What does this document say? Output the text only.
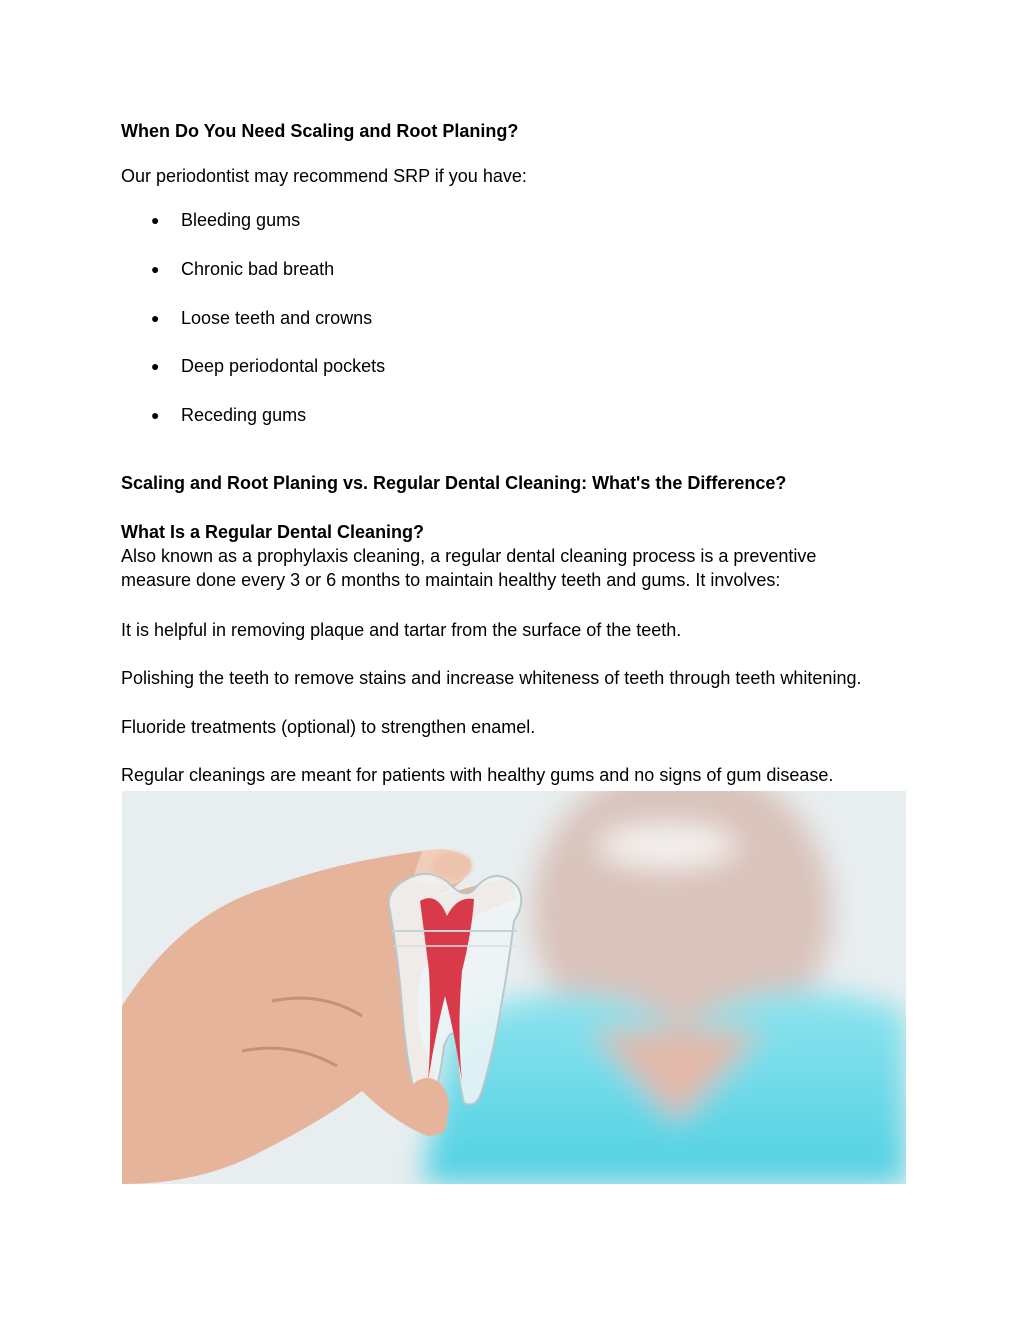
When Do You Need Scaling and Root Planing?
Our periodontist may recommend SRP if you have:
● Bleeding gums
● Chronic bad breath
● Loose teeth and crowns
● Deep periodontal pockets
● Receding gums
Scaling and Root Planing vs. Regular Dental Cleaning: What's the Difference?
What Is a Regular Dental Cleaning?
Also known as a prophylaxis cleaning, a regular dental cleaning process is a preventive
measure done every 3 or 6 months to maintain healthy teeth and gums. It involves:
It is helpful in removing plaque and tartar from the surface of the teeth.
Polishing the teeth to remove stains and increase whiteness of teeth through teeth whitening.
Fluoride treatments (optional) to strengthen enamel.
Regular cleanings are meant for patients with healthy gums and no signs of gum disease.
